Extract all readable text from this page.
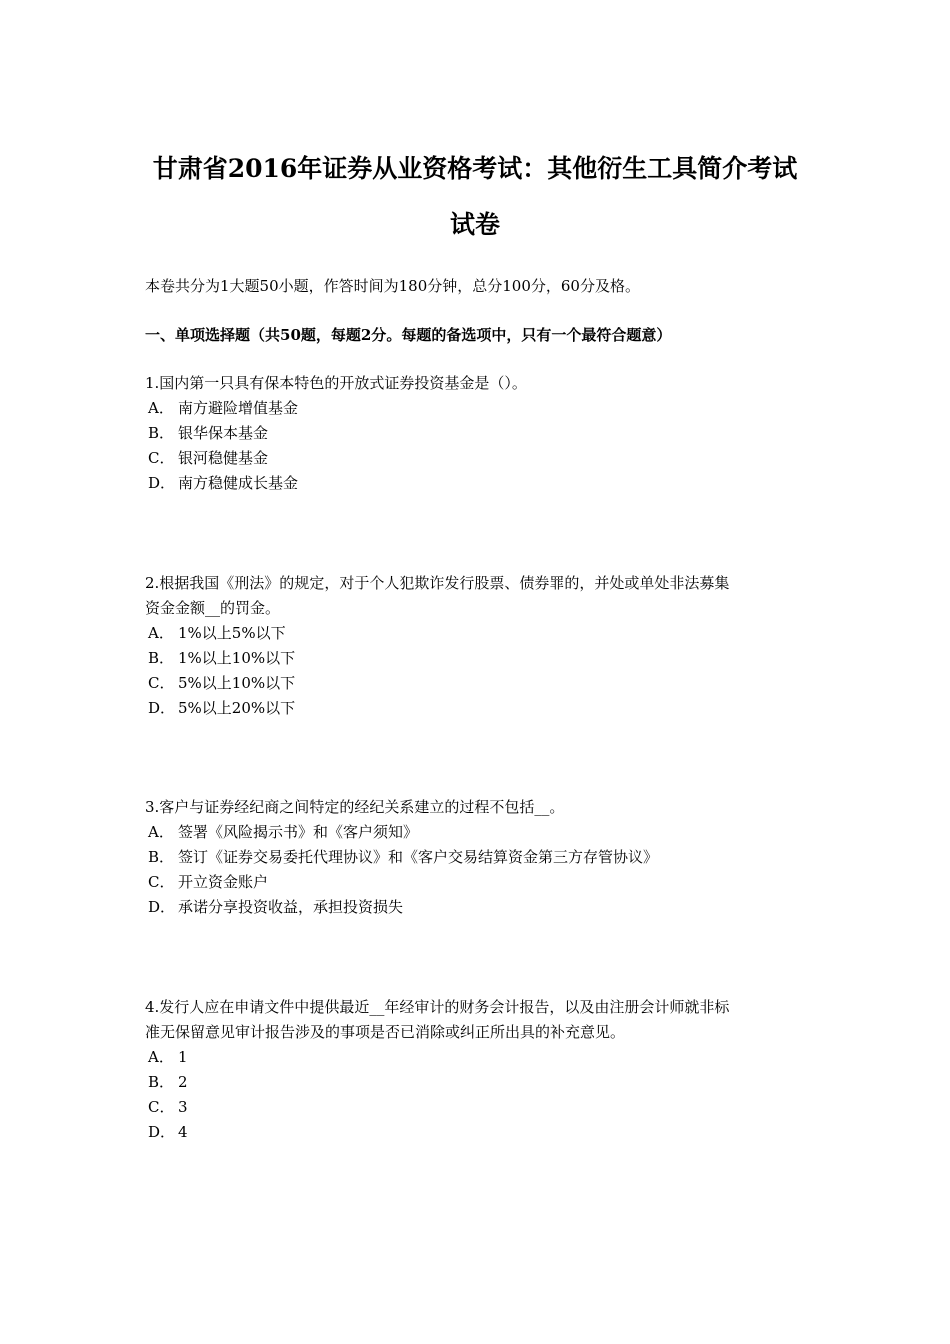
甘肃省2016年证券从业资格考试：其他衍生工具简介考试
试卷

本卷共分为1大题50小题，作答时间为180分钟，总分100分，60分及格。

一、单项选择题（共50题，每题2分。每题的备选项中，只有一个最符合题意）

1.国内第一只具有保本特色的开放式证券投资基金是（）。

A． 南方避险增值基金
B． 银华保本基金
C． 银河稳健基金
D． 南方稳健成长基金

2.根据我国《刑法》的规定，对于个人犯欺诈发行股票、债券罪的，并处或单处非法募集
资金金额__的罚金。

A． 1%以上5%以下
B． 1%以上10%以下
C． 5%以上10%以下
D． 5%以上20%以下

3.客户与证券经纪商之间特定的经纪关系建立的过程不包括__。

A． 签署《风险揭示书》和《客户须知》
B． 签订《证券交易委托代理协议》和《客户交易结算资金第三方存管协议》
C． 开立资金账户
D． 承诺分享投资收益，承担投资损失

4.发行人应在申请文件中提供最近__年经审计的财务会计报告，以及由注册会计师就非标
准无保留意见审计报告涉及的事项是否已消除或纠正所出具的补充意见。

A． 1
B． 2
C． 3
D． 4
